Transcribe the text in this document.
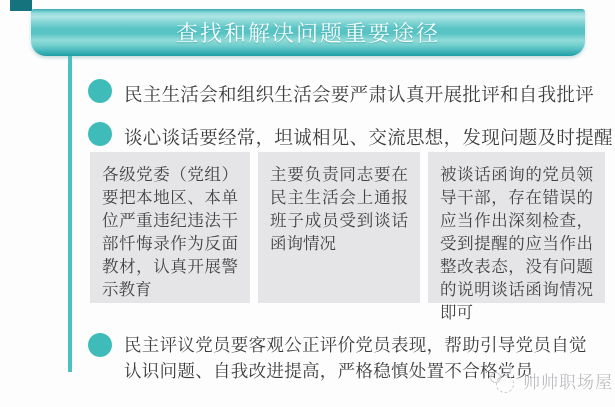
查找和解决问题重要途径
民主生活会和组织生活会要严肃认真开展批评和自我批评
谈心谈话要经常，坦诚相见、交流思想，发现问题及时提醒
各级党委（党组）要把本地区、本单位严重违纪违法干部忏悔录作为反面教材，认真开展警示教育
主要负责同志要在民主生活会上通报班子成员受到谈话函询情况
被谈话函询的党员领导干部，存在错误的应当作出深刻检查，受到提醒的应当作出整改表态，没有问题的说明谈话函询情况即可
民主评议党员要客观公正评价党员表现，帮助引导党员自觉认识问题、自我改进提高，严格稳慎处置不合格党员
帅帅职场屋
